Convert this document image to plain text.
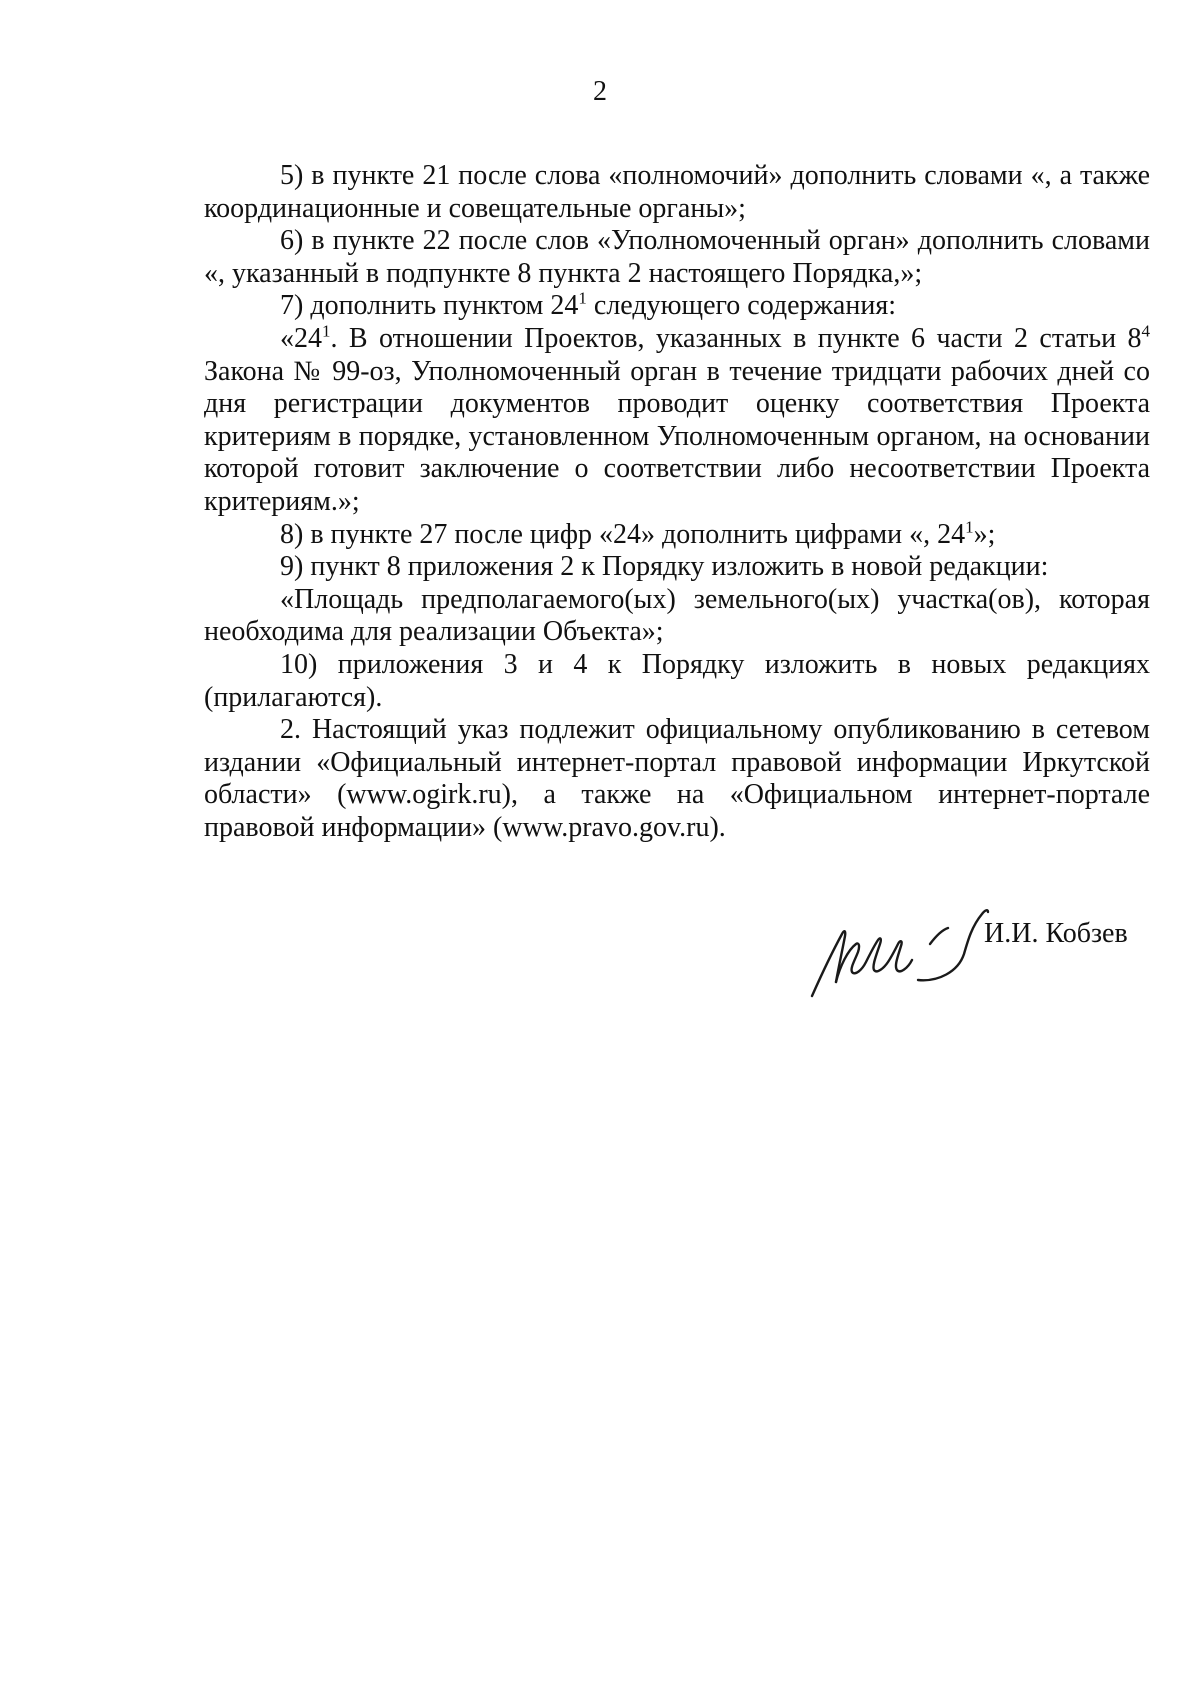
2

5) в пункте 21 после слова «полномочий» дополнить словами «, а также координационные и совещательные органы»;

6) в пункте 22 после слов «Уполномоченный орган» дополнить словами «, указанный в подпункте 8 пункта 2 настоящего Порядка,»;

7) дополнить пунктом $24^1$ следующего содержания:

«$24^1$. В отношении Проектов, указанных в пункте 6 части 2 статьи $8^4$ Закона № 99-оз, Уполномоченный орган в течение тридцати рабочих дней со дня регистрации документов проводит оценку соответствия Проекта критериям в порядке, установленном Уполномоченным органом, на основании которой готовит заключение о соответствии либо несоответствии Проекта критериям.»;

8) в пункте 27 после цифр «24» дополнить цифрами «, $24^1$»;

9) пункт 8 приложения 2 к Порядку изложить в новой редакции:

«Площадь предполагаемого(ых) земельного(ых) участка(ов), которая необходима для реализации Объекта»;

10) приложения 3 и 4 к Порядку изложить в новых редакциях (прилагаются).

2. Настоящий указ подлежит официальному опубликованию в сетевом издании «Официальный интернет-портал правовой информации Иркутской области» (www.ogirk.ru), а также на «Официальном интернет-портале правовой информации» (www.pravo.gov.ru).

И.И. Кобзев
